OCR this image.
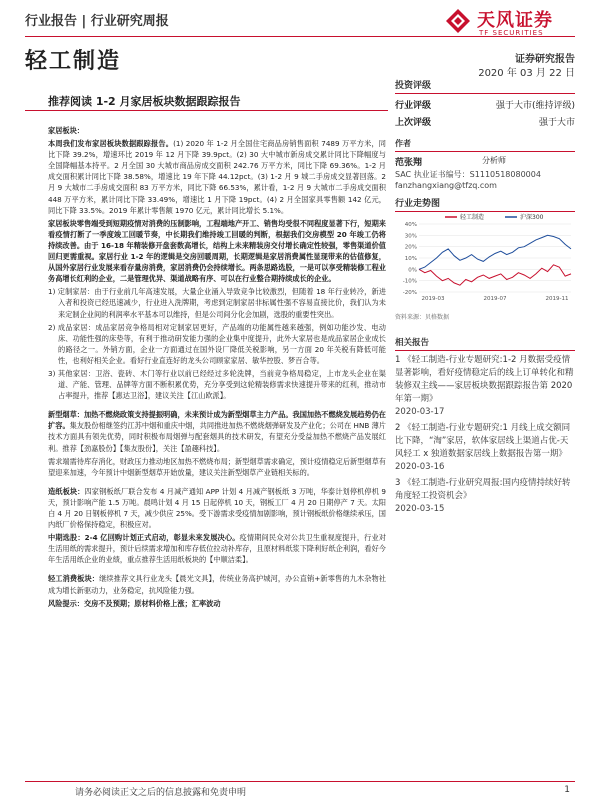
行业报告 | 行业研究周报	天风证券
TF SECURITIES
轻工制造	证券研究报告
2020 年 03 月 22 日
推荐阅读 1-2 月家居板块数据跟踪报告
投资评级
行业评级	强于大市(维持评级)
上次评级	强于大市
作者
范张翔	分析师
SAC 执业证书编号：S1110518080004
fanzhangxiang@tfzq.com
行业走势图
40%
30%
20%
10%
0%
-10%
-20%
2019-03	2019-07	2019-11
轻工制造	沪深300
资料来源：贝格数据
相关报告
1 《轻工制造-行业专题研究:1-2 月数据受疫情显著影响，看好疫情稳定后的线上订单转化和精装修双主线——家居板块数据跟踪报告第 2020 年第一期》
2020-03-17
2 《轻工制造-行业专题研究:1 月线上成交额同比下降，“淘”家居，软体家居线上渠道占优-天风轻工 x 独道数据家居线上数据报告第一期》
2020-03-16
3 《轻工制造-行业研究周报:国内疫情持续好转角度轻工投资机会》
2020-03-15

家居板块：

本周我们发布家居板块数据跟踪报告。(1) 2020 年 1-2 月全国住宅商品房销售面积 7489 万平方米，同比下降 39.2%，增速环比 2019 年 12 月下降 39.9pct。(2) 30 大中城市新房成交累计同比下降幅度与全国降幅基本持平。2 月全国 30 大城市商品房成交面积 242.76 万平方米，同比下降 69.36%。1-2 月成交面积累计同比下降 38.58%，增速比 19 年下降 44.12pct。(3) 1-2 月 9 城二手房成交显著回落。2 月 9 大城市二手房成交面积 83 万平方米，同比下降 66.53%，累计看，1-2 月 9 大城市二手房成交面积 448 万平方米，累计同比下降 33.49%，增速比 1 月下降 19pct。(4) 2 月全国家具零售额 142 亿元，同比下降 33.5%。2019 年累计零售额 1970 亿元，累计同比增长 5.1%。

家居板块零售端受到短期疫情对消费的压制影响，工程端地产开工、销售均受很不同程度显著下行，短期来看疫情打断了一季度竣工回暖节奏，中长期我们维持竣工回暖的判断，根据我们交房模型 20 年竣工仍将持续改善。由于 16-18 年精装修开盘套数高增长，结构上未来精装房交付增长确定性较强，零售渠道价值回归更需重视。家居行业 1-2 年的逻辑是交房回暖周期，长期逻辑是家居消费属性显现带来的估值修复，从国外家居行业发展来看存量房消费，家居消费仍会持续增长。两条思路选股，一是可以享受精装修工程业务高增长红利的企业，二是管理优异、渠道战略有序、可以在行业整合期持续成长的企业。

1) 定制家居：由于行业前几年高速发展，大量企业涌入导致竞争比较激烈，但随着 18 年行业转冷，新进入者和投资已经迅速减少，行业进入洗牌期，考虑到定制家居非标属性强不容易直接比价，我们认为未来定制企业间的利润率水平基本可以维持，但是公司间分化会加剧，选股的重要性突出。

2) 成品家居：成品家居竞争格局相对定制家居更好，产品端的功能属性越来越强，例如功能沙发、电动床、功能性强的床垫等，有利于推动研发能力强的企业集中度提升，此外大家居也是成品家居企业成长的路径之一。外销方面，企业一方面通过在国外设厂降低关税影响，另一方面 20 年关税有降低可能性，也利好相关企业。看好行业直连好的龙头公司顾家家居、敏华控股、梦百合等。

3) 其他家居：卫浴、瓷砖、木门等行业以前已经经过多轮洗牌，当前竞争格局稳定，上市龙头企业在渠道、产能、管理、品牌等方面不断积累优势，充分享受到这轮精装修需求快速提升带来的红利，推动市占率提升，推荐【惠达卫浴】，建议关注【江山欧派】。

新型烟草：加热不燃烧政策支持提振明确，未来预计成为新型烟草主力产品。我国加热不燃烧发展趋势仍在扩容。集友股份相继签约江苏中烟和重庆中烟，共同推进加热不燃烧烟弹研发及产业化；公司在 HNB 薄片技术方面具有领先优势，同时积极布局烟弹与配套烟具的技术研发，有望充分受益加热不燃烧产品发展红利。推荐【劲嘉股份】【集友股份】，关注【盈趣科技】。

需求端需待库存消化，财政压力推动地区加热不燃烧布局；新型烟草需求确定，预计疫情稳定后新型烟草有望迎来加速，今年预计中烟新型烟草开始放量，建议关注新型烟草产业链相关标的。

造纸板块：四家钢板纸厂联合发布 4 月减产通知 APP 计划 4 月减产钢板纸 3 万吨，华泰计划停机停机 9 天，预计影响产能 1.5 万吨。晨鸣计划 4 月 15 日起停机 10 天，钢板工厂 4 月 20 日期停产 7 天。太阳白 4 月 20 日钢板停机 7 天，减少供应 25%。受下游需求受疫情加剧影响，预计钢板纸价格继续承压，国内纸厂价格保持稳定，积极应对。

中期选股：2-4 亿回购计划正式启动，彰显未来发展决心。疫情期间民众对公共卫生重视度提升，行业对生活用纸的需求提升，预计后续需求增加和库存低位拉动补库存，且原材料纸浆下降利好纸企利润，看好今年生活用纸企业的业绩，重点推荐生活用纸板块的【中顺洁柔】。

轻工消费板块：继续推荐文具行业龙头【晨光文具】，传统业务高护城河，办公直销+新零售的九木杂物社成为增长新驱动力，业务稳定，抗风险能力强。

风险提示：交房不及预期；原材料价格上涨；汇率波动

请务必阅读正文之后的信息披露和免责申明	1
